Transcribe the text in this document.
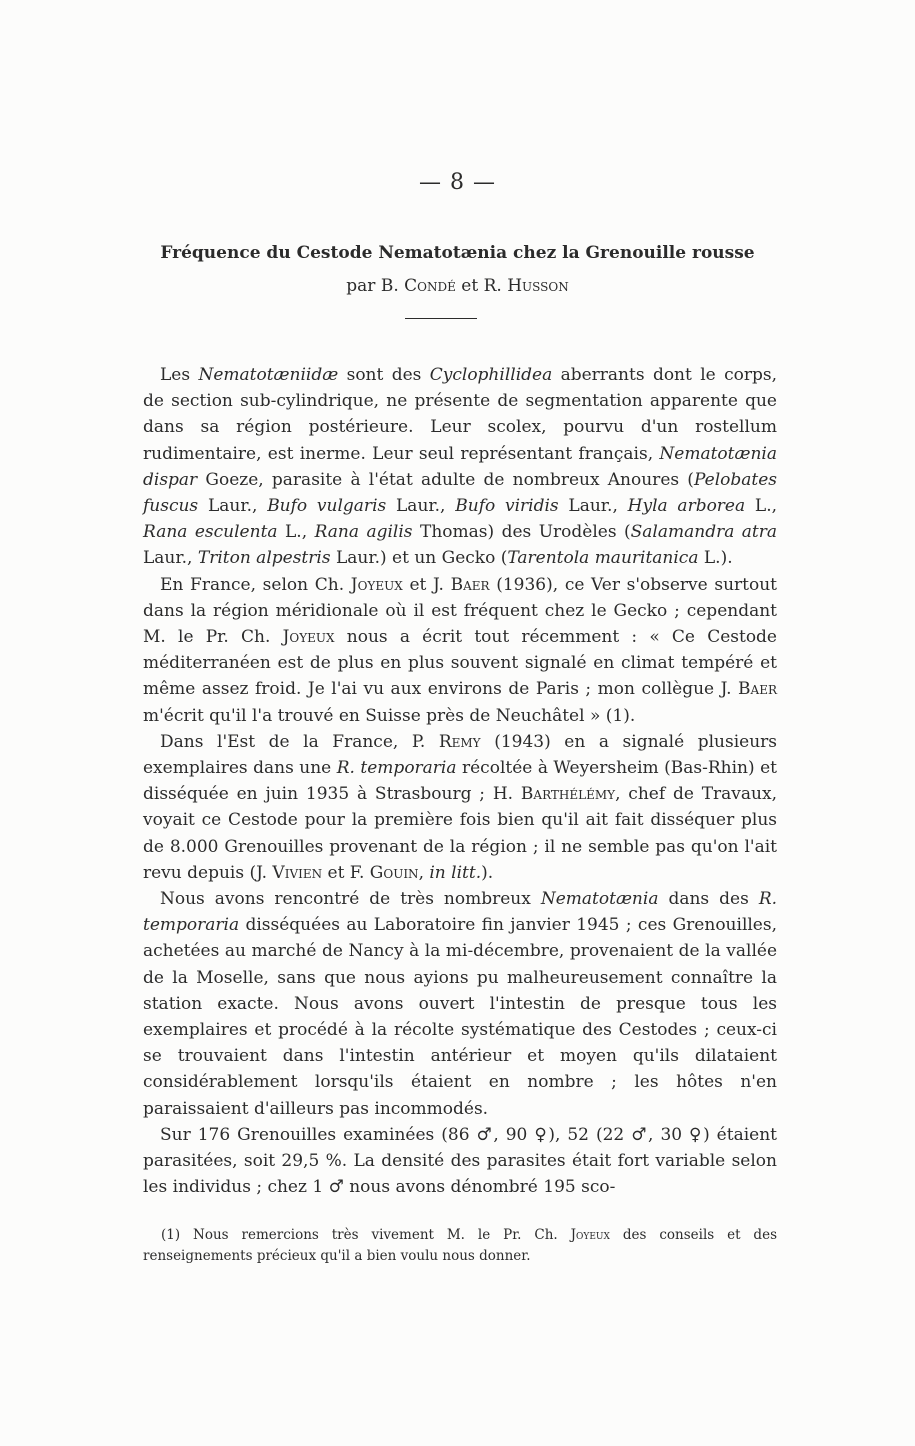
— 8 —
Fréquence du Cestode Nematotænia chez la Grenouille rousse
par B. Condé et R. Husson

Les Nematotæniidæ sont des Cyclophillidea aberrants dont le corps, de section sub-cylindrique, ne présente de segmentation apparente que dans sa région postérieure. Leur scolex, pourvu d'un rostellum rudimentaire, est inerme. Leur seul représentant français, Nematotænia dispar Goeze, parasite à l'état adulte de nombreux Anoures (Pelobates fuscus Laur., Bufo vulgaris Laur., Bufo viridis Laur., Hyla arborea L., Rana esculenta L., Rana agilis Thomas) des Urodèles (Salamandra atra Laur., Triton alpestris Laur.) et un Gecko (Tarentola mauritanica L.).

En France, selon Ch. Joyeux et J. Baer (1936), ce Ver s'observe surtout dans la région méridionale où il est fréquent chez le Gecko ; cependant M. le Pr. Ch. Joyeux nous a écrit tout récemment : « Ce Cestode méditerranéen est de plus en plus souvent signalé en climat tempéré et même assez froid. Je l'ai vu aux environs de Paris ; mon collègue J. Baer m'écrit qu'il l'a trouvé en Suisse près de Neuchâtel » (1).

Dans l'Est de la France, P. Remy (1943) en a signalé plusieurs exemplaires dans une R. temporaria récoltée à Weyersheim (Bas-Rhin) et disséquée en juin 1935 à Strasbourg ; H. Barthélémy, chef de Travaux, voyait ce Cestode pour la première fois bien qu'il ait fait disséquer plus de 8.000 Grenouilles provenant de la région ; il ne semble pas qu'on l'ait revu depuis (J. Vivien et F. Gouin, in litt.).

Nous avons rencontré de très nombreux Nematotænia dans des R. temporaria disséquées au Laboratoire fin janvier 1945 ; ces Grenouilles, achetées au marché de Nancy à la mi-décembre, provenaient de la vallée de la Moselle, sans que nous ayions pu malheureusement connaître la station exacte. Nous avons ouvert l'intestin de presque tous les exemplaires et procédé à la récolte systématique des Cestodes ; ceux-ci se trouvaient dans l'intestin antérieur et moyen qu'ils dilataient considérablement lorsqu'ils étaient en nombre ; les hôtes n'en paraissaient d'ailleurs pas incommodés.

Sur 176 Grenouilles examinées (86 ♂, 90 ♀), 52 (22 ♂, 30 ♀) étaient parasitées, soit 29,5 %. La densité des parasites était fort variable selon les individus ; chez 1 ♂ nous avons dénombré 195 sco-

(1) Nous remercions très vivement M. le Pr. Ch. Joyeux des conseils et des renseignements précieux qu'il a bien voulu nous donner.
